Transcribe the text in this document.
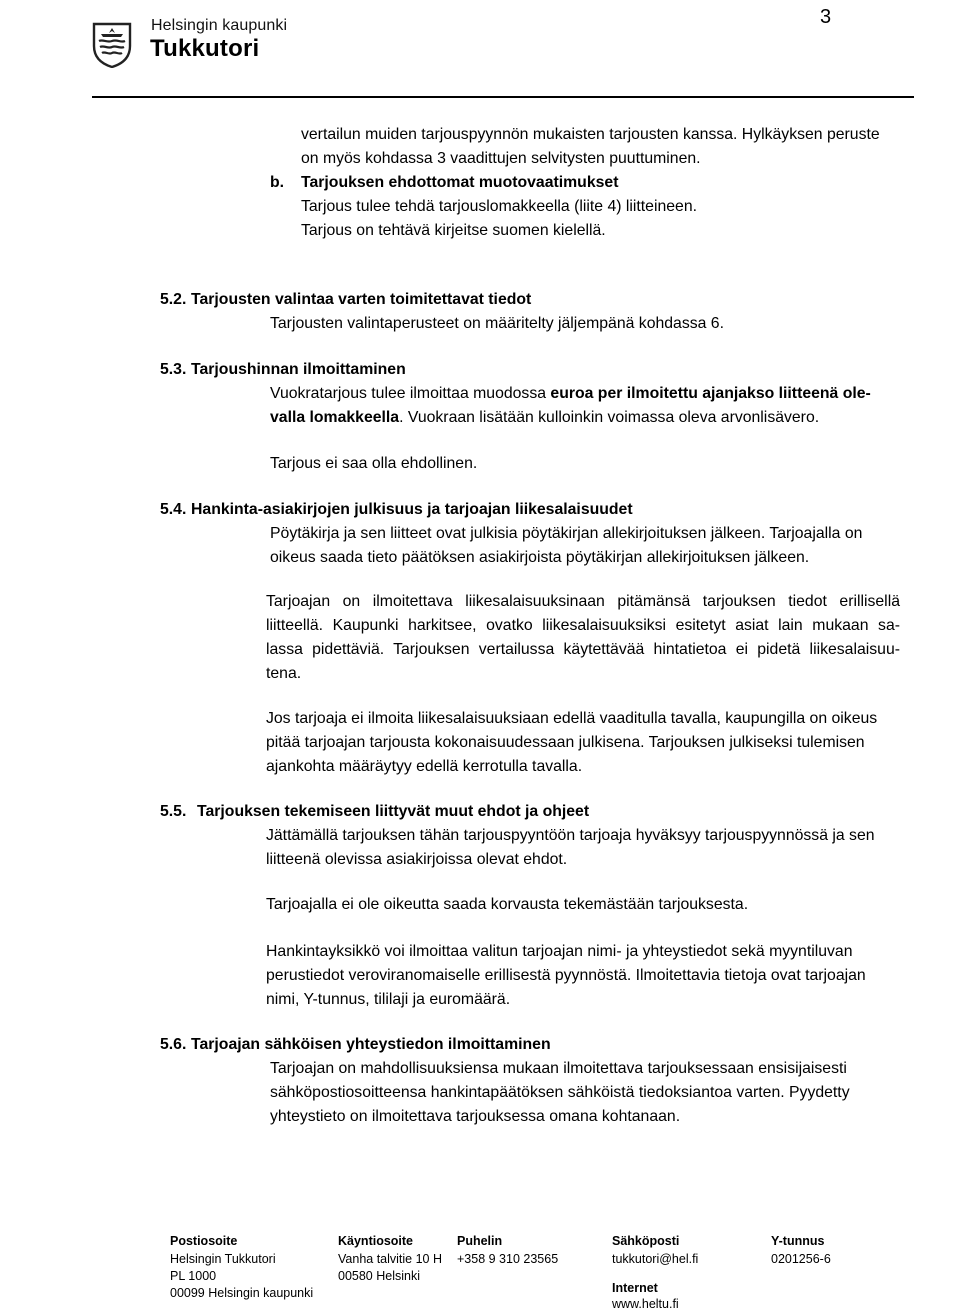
Helsingin kaupunki
Tukkutori
3
vertailun muiden tarjouspyynnön mukaisten tarjousten kanssa. Hylkäyksen peruste
on myös kohdassa 3 vaadittujen selvitysten puuttuminen.
b. Tarjouksen ehdottomat muotovaatimukset
Tarjous tulee tehdä tarjouslomakkeella (liite 4) liitteineen.
Tarjous on tehtävä kirjeitse suomen kielellä.
5.2. Tarjousten valintaa varten toimitettavat tiedot
Tarjousten valintaperusteet on määritelty jäljempänä kohdassa 6.
5.3. Tarjoushinnan ilmoittaminen
Vuokratarjous tulee ilmoittaa muodossa euroa per ilmoitettu ajanjakso liitteenä ole-
valla lomakkeella. Vuokraan lisätään kulloinkin voimassa oleva arvonlisävero.
Tarjous ei saa olla ehdollinen.
5.4. Hankinta-asiakirjojen julkisuus ja tarjoajan liikesalaisuudet
Pöytäkirja ja sen liitteet ovat julkisia pöytäkirjan allekirjoituksen jälkeen. Tarjoajalla on
oikeus saada tieto päätöksen asiakirjoista pöytäkirjan allekirjoituksen jälkeen.
Tarjoajan on ilmoitettava liikesalaisuuksinaan pitämänsä tarjouksen tiedot erillisellä
liitteellä. Kaupunki harkitsee, ovatko liikesalaisuuksiksi esitetyt asiat lain mukaan sa-
lassa pidettäviä. Tarjouksen vertailussa käytettävää hintatietoa ei pidetä liikesalaisuu-
tena.
Jos tarjoaja ei ilmoita liikesalaisuuksiaan edellä vaaditulla tavalla, kaupungilla on oikeus
pitää tarjoajan tarjousta kokonaisuudessaan julkisena. Tarjouksen julkiseksi tulemisen
ajankohta määräytyy edellä kerrotulla tavalla.
5.5. Tarjouksen tekemiseen liittyvät muut ehdot ja ohjeet
Jättämällä tarjouksen tähän tarjouspyyntöön tarjoaja hyväksyy tarjouspyynnössä ja sen
liitteenä olevissa asiakirjoissa olevat ehdot.
Tarjoajalla ei ole oikeutta saada korvausta tekemästään tarjouksesta.
Hankintayksikkö voi ilmoittaa valitun tarjoajan nimi- ja yhteystiedot sekä myyntiluvan
perustiedot veroviranomaiselle erillisestä pyynnöstä. Ilmoitettavia tietoja ovat tarjoajan
nimi, Y-tunnus, tililaji ja euromäärä.
5.6. Tarjoajan sähköisen yhteystiedon ilmoittaminen
Tarjoajan on mahdollisuuksiensa mukaan ilmoitettava tarjouksessaan ensisijaisesti
sähköpostiosoitteensa hankintapäätöksen sähköistä tiedoksiantoa varten. Pyydetty
yhteystieto on ilmoitettava tarjouksessa omana kohtanaan.
Postiosoite
Helsingin Tukkutori
PL 1000
00099 Helsingin kaupunki
Käyntiosoite
Vanha talvitie 10 H
00580 Helsinki
Puhelin
+358 9 310 23565
Sähköposti
tukkutori@hel.fi
Internet
www.heltu.fi
Y-tunnus
0201256-6
